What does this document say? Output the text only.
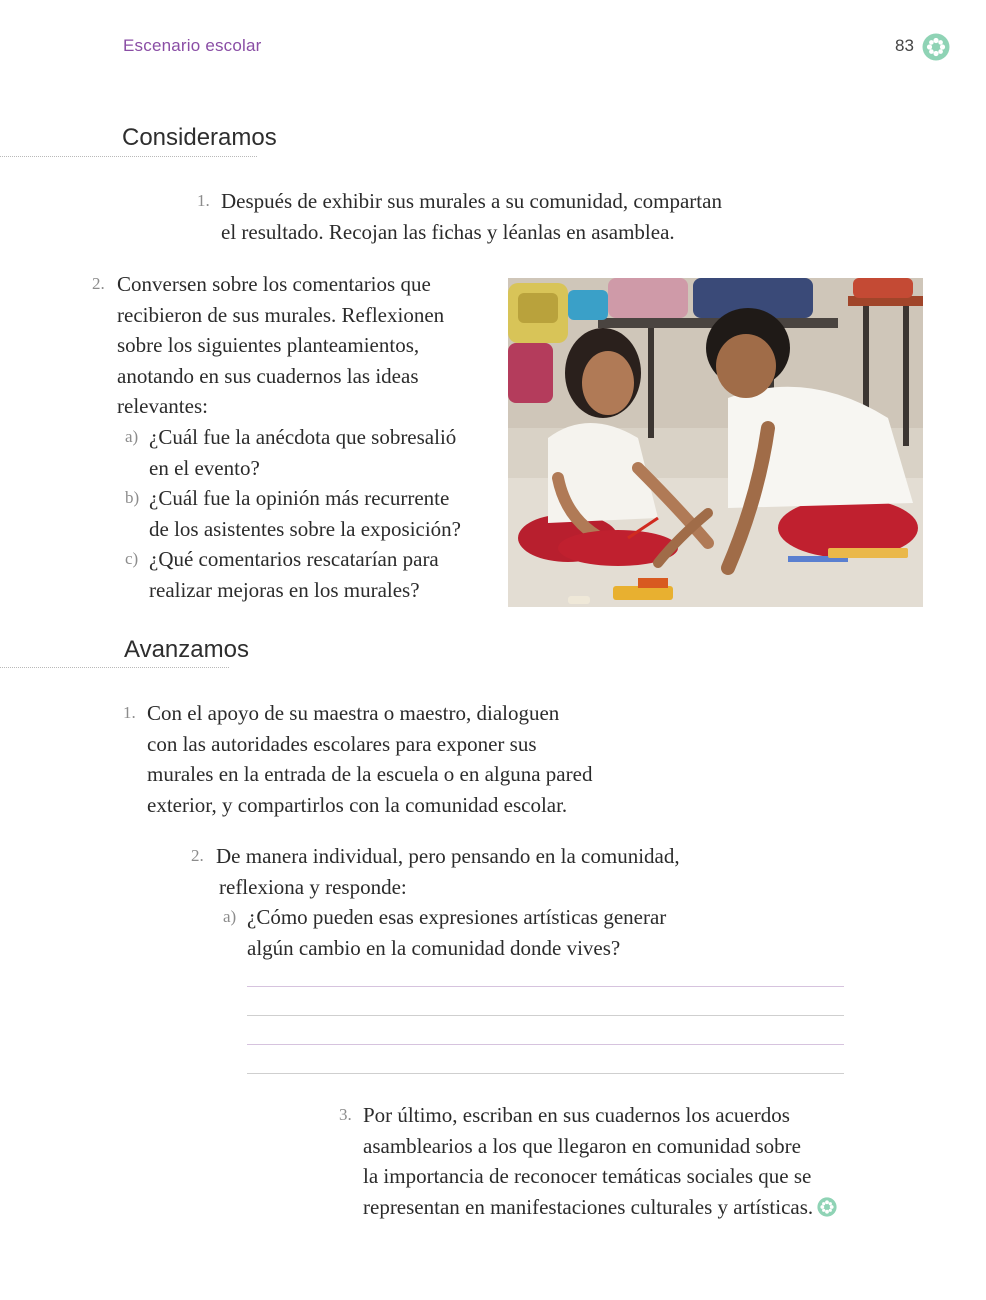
Escenario escolar	83
Consideramos
1. Después de exhibir sus murales a su comunidad, compartan
el resultado. Recojan las fichas y léanlas en asamblea.
2. Conversen sobre los comentarios que
recibieron de sus murales. Reflexionen
sobre los siguientes planteamientos,
anotando en sus cuadernos las ideas
relevantes:
a) ¿Cuál fue la anécdota que sobresalió
en el evento?
b) ¿Cuál fue la opinión más recurrente
de los asistentes sobre la exposición?
c) ¿Qué comentarios rescatarían para
realizar mejoras en los murales?
Avanzamos
1. Con el apoyo de su maestra o maestro, dialoguen
con las autoridades escolares para exponer sus
murales en la entrada de la escuela o en alguna pared
exterior, y compartirlos con la comunidad escolar.
2. De manera individual, pero pensando en la comunidad,
reflexiona y responde:
a) ¿Cómo pueden esas expresiones artísticas generar
algún cambio en la comunidad donde vives?
3. Por último, escriban en sus cuadernos los acuerdos
asamblearios a los que llegaron en comunidad sobre
la importancia de reconocer temáticas sociales que se
representan en manifestaciones culturales y artísticas.
